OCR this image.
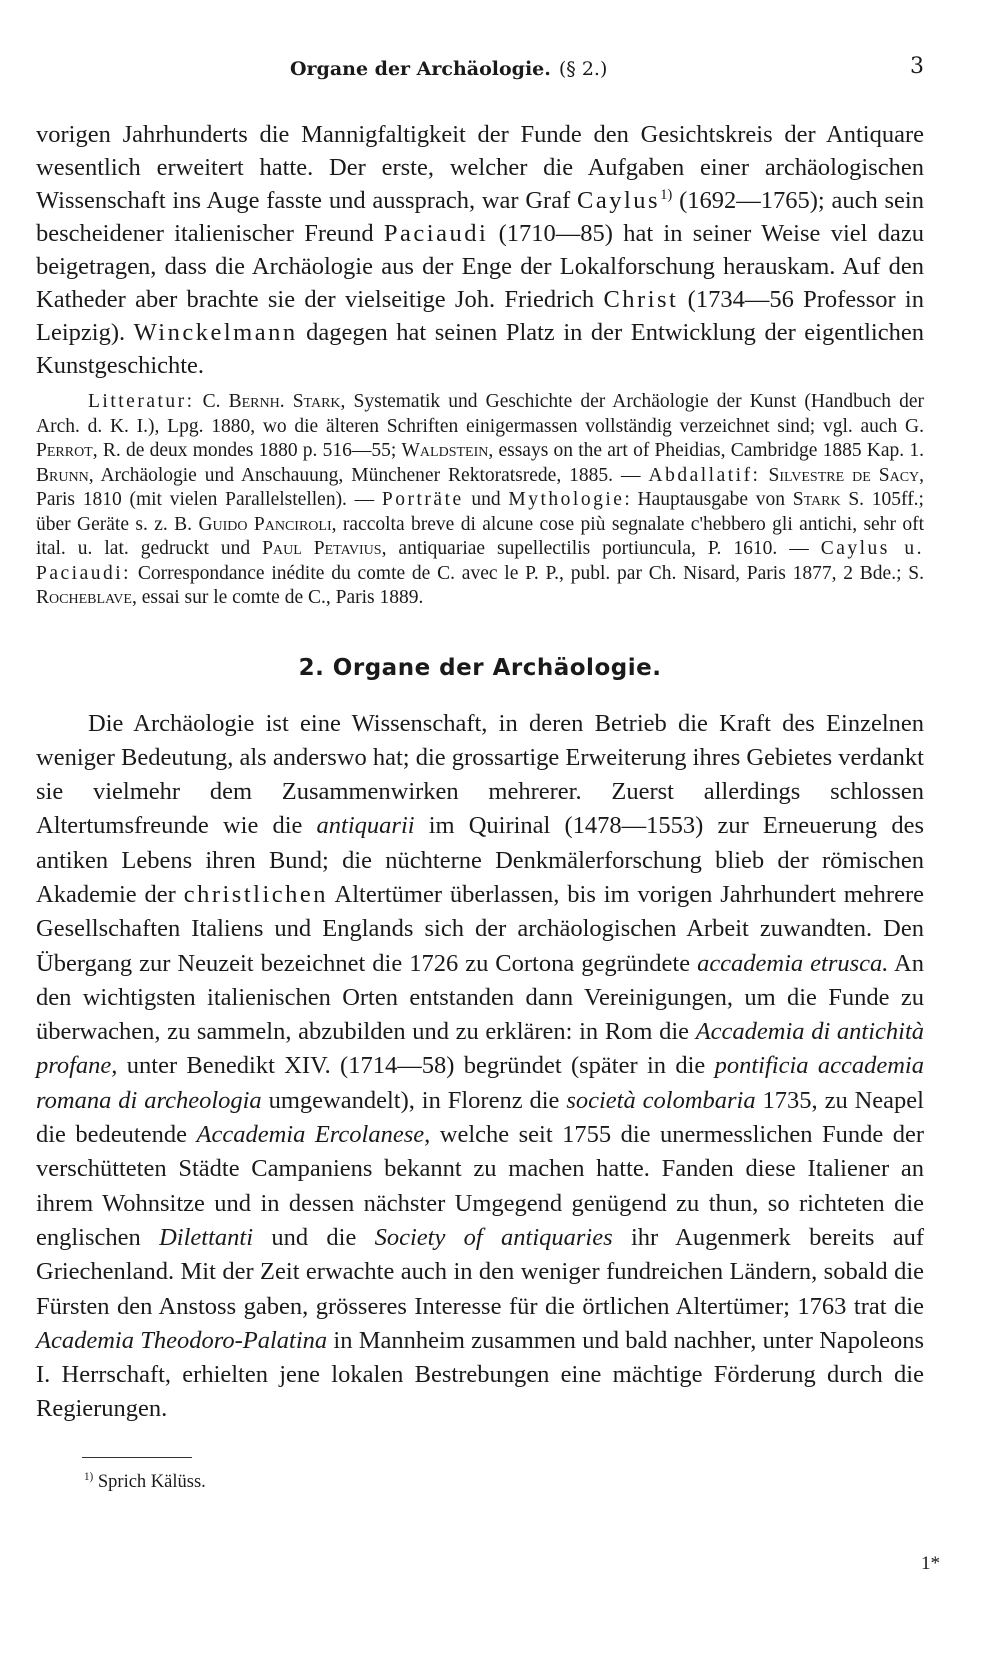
Organe der Archäologie. (§ 2.)	3

vorigen Jahrhunderts die Mannigfaltigkeit der Funde den Gesichtskreis der Antiquare wesentlich erweitert hatte. Der erste, welcher die Aufgaben einer archäologischen Wissenschaft ins Auge fasste und aussprach, war Graf Caylus$^{1)}$ (1692—1765); auch sein bescheidener italienischer Freund Paciaudi (1710—85) hat in seiner Weise viel dazu beigetragen, dass die Archäologie aus der Enge der Lokalforschung herauskam. Auf den Katheder aber brachte sie der vielseitige Joh. Friedrich Christ (1734—56 Professor in Leipzig). Winckelmann dagegen hat seinen Platz in der Entwicklung der eigentlichen Kunstgeschichte.

Litteratur: C. Bernh. Stark, Systematik und Geschichte der Archäologie der Kunst (Handbuch der Arch. d. K. I.), Lpg. 1880, wo die älteren Schriften einigermassen vollständig verzeichnet sind; vgl. auch G. Perrot, R. de deux mondes 1880 p. 516—55; Waldstein, essays on the art of Pheidias, Cambridge 1885 Kap. 1. Brunn, Archäologie und Anschauung, Münchener Rektoratsrede, 1885. — Abdallatif: Silvestre de Sacy, Paris 1810 (mit vielen Parallelstellen). — Porträte und Mythologie: Hauptausgabe von Stark S. 105ff.; über Geräte s. z. B. Guido Panciroli, raccolta breve di alcune cose più segnalate c'hebbero gli antichi, sehr oft ital. u. lat. gedruckt und Paul Petavius, antiquariae supellectilis portiuncula, P. 1610. — Caylus u. Paciaudi: Correspondance inédite du comte de C. avec le P. P., publ. par Ch. Nisard, Paris 1877, 2 Bde.; S. Rocheblave, essai sur le comte de C., Paris 1889.

2. Organe der Archäologie.

Die Archäologie ist eine Wissenschaft, in deren Betrieb die Kraft des Einzelnen weniger Bedeutung, als anderswo hat; die grossartige Erweiterung ihres Gebietes verdankt sie vielmehr dem Zusammenwirken mehrerer. Zuerst allerdings schlossen Altertumsfreunde wie die antiquarii im Quirinal (1478—1553) zur Erneuerung des antiken Lebens ihren Bund; die nüchterne Denkmälerforschung blieb der römischen Akademie der christlichen Altertümer überlassen, bis im vorigen Jahrhundert mehrere Gesellschaften Italiens und Englands sich der archäologischen Arbeit zuwandten. Den Übergang zur Neuzeit bezeichnet die 1726 zu Cortona gegründete accademia etrusca. An den wichtigsten italienischen Orten entstanden dann Vereinigungen, um die Funde zu überwachen, zu sammeln, abzubilden und zu erklären: in Rom die Accademia di antichità profane, unter Benedikt XIV. (1714—58) begründet (später in die pontificia accademia romana di archeologia umgewandelt), in Florenz die società colombaria 1735, zu Neapel die bedeutende Accademia Ercolanese, welche seit 1755 die unermesslichen Funde der verschütteten Städte Campaniens bekannt zu machen hatte. Fanden diese Italiener an ihrem Wohnsitze und in dessen nächster Umgegend genügend zu thun, so richteten die englischen Dilettanti und die Society of antiquaries ihr Augenmerk bereits auf Griechenland. Mit der Zeit erwachte auch in den weniger fundreichen Ländern, sobald die Fürsten den Anstoss gaben, grösseres Interesse für die örtlichen Altertümer; 1763 trat die Academia Theodoro-Palatina in Mannheim zusammen und bald nachher, unter Napoleons I. Herrschaft, erhielten jene lokalen Bestrebungen eine mächtige Förderung durch die Regierungen.

$^{1)}$ Sprich Kälüss.

1*
